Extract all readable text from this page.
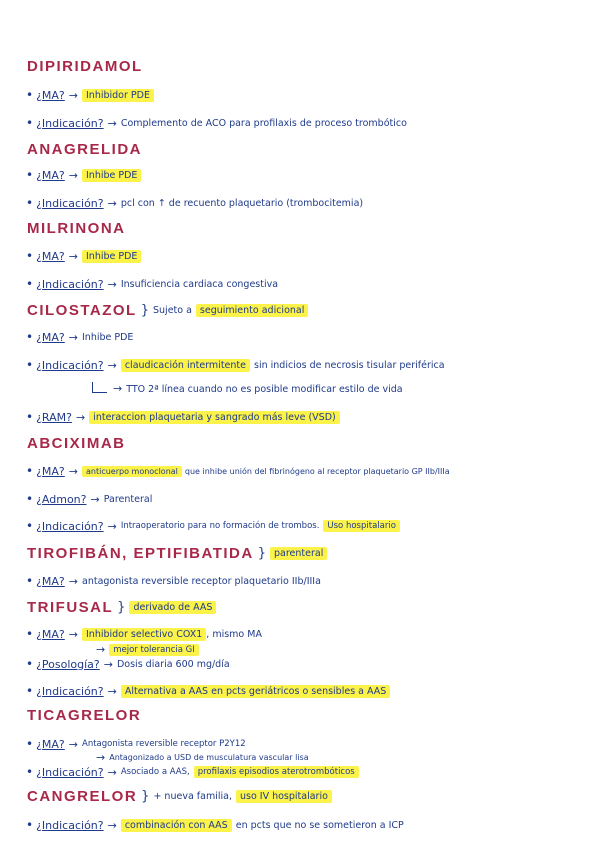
DIPIRIDAMOL
• ¿MA? → Inhibidor PDE
• ¿Indicación? → Complemento de ACO para profilaxis de proceso trombótico
ANAGRELIDA
• ¿MA? → Inhibe PDE
• ¿Indicación? → pcl con ↑ de recuento plaquetario (trombocitemia)
MILRINONA
• ¿MA? → Inhibe PDE
• ¿Indicación? → Insuficiencia cardiaca congestiva
CILOSTAZOL } Sujeto a seguimiento adicional
• ¿MA? → Inhibe PDE
• ¿Indicación? → claudicación intermitente sin indicios de necrosis tisular periférica
→ TTO 2ª línea cuando no es posible modificar estilo de vida
• ¿RAM? → interaccion plaquetaria y sangrado más leve (VSD)
ABCIXIMAB
• ¿MA? →	anticuerpo monoclonal que inhibe unión del fibrinógeno al receptor plaquetario GP IIb/IIIa
• ¿Admon? → Parenteral
• ¿Indicación? → Intraoperatorio para no formación de trombos. Uso hospitalario
TIROFIBÁN, EPTIFIBATIDA } parenteral
• ¿MA? → antagonista reversible receptor plaquetario IIb/IIIa
TRIFUSAL } derivado de AAS
• ¿MA? → Inhibidor selectivo COX1 , mismo MA
→ mejor tolerancia GI
• ¿Posología? → Dosis diaria 600 mg/día
• ¿Indicación? → Alternativa a AAS en pcts geriátricos o sensibles a AAS
TICAGRELOR
• ¿MA? → Antagonista reversible receptor P2Y12
→ Antagonizado a USD de musculatura vascular lisa
• ¿Indicación? → Asociado a AAS, profilaxis episodios aterotrombóticos
CANGRELOR } + nueva familia, uso IV hospitalario
• ¿Indicación? → combinación con AAS en pcts que no se sometieron a ICP
